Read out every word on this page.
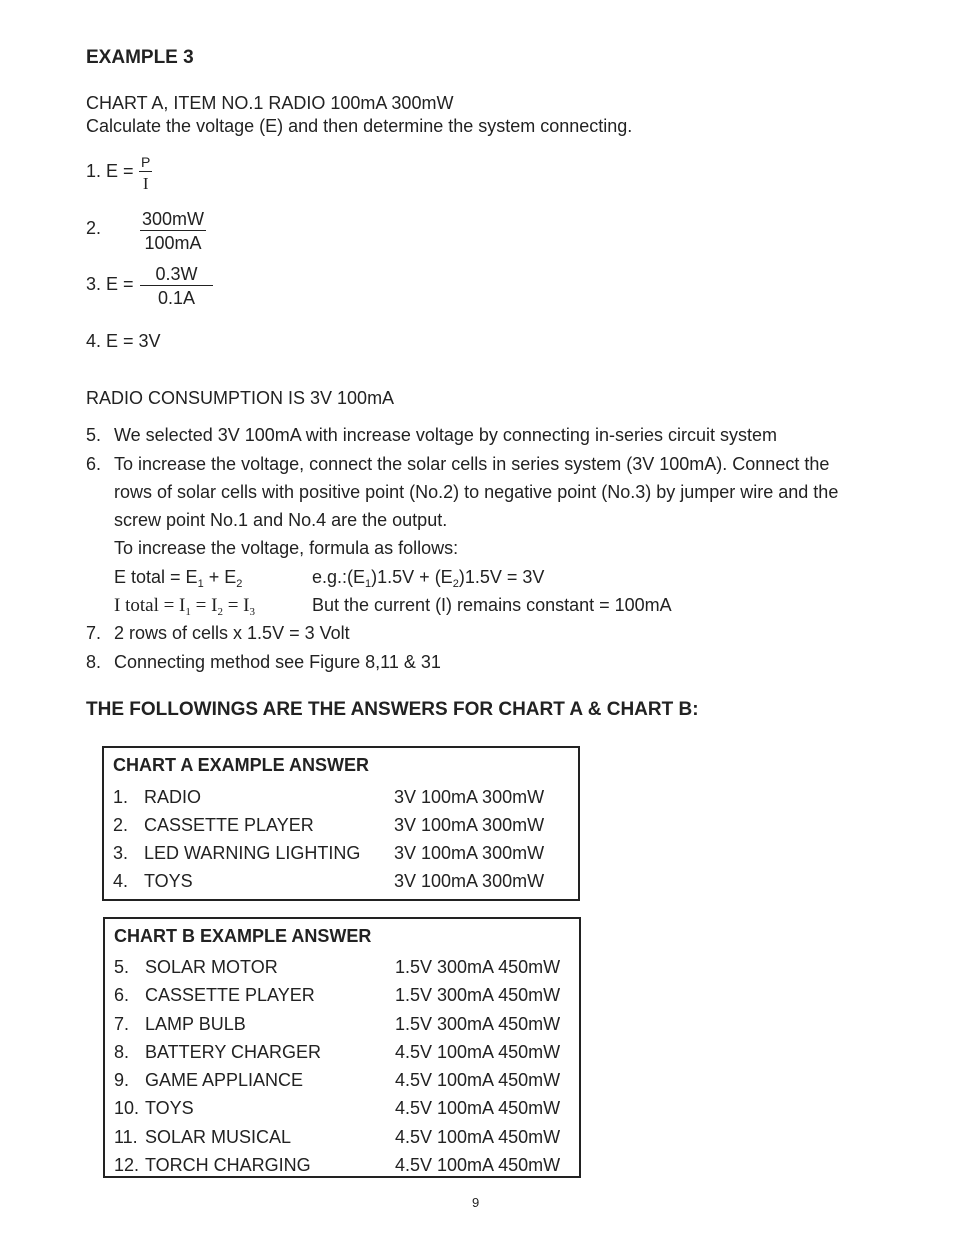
EXAMPLE 3
CHART A, ITEM NO.1 RADIO 100mA 300mW
Calculate the voltage (E) and then determine the system connecting.
1. E = P
I
2. $\frac{300mW}{100mA}$
3. $E = \frac{0.3W}{0.1A}$
4. E = 3V
RADIO CONSUMPTION IS 3V 100mA
5. We selected 3V 100mA with increase voltage by connecting in-series circuit system
6. To increase the voltage, connect the solar cells in series system (3V 100mA). Connect the
rows of solar cells with positive point (No.2) to negative point (No.3) by jumper wire and the
screw point No.1 and No.4 are the output.
To increase the voltage, formula as follows:
E total = $E_1 + E_2$	$e.g.:(E_1)1.5V + (E_2)1.5V = 3V$
I total = $I_1 = I_2 = I_3$	But the current (I) remains constant = 100mA
7. 2 rows of cells x 1.5V = 3 Volt
8. Connecting method see Figure 8,11 & 31
THE FOLLOWINGS ARE THE ANSWERS FOR CHART A & CHART B:
CHART A EXAMPLE ANSWER
1. RADIO	3V 100mA 300mW
2. CASSETTE PLAYER	3V 100mA 300mW
3. LED WARNING LIGHTING 3V 100mA 300mW
4. TOYS	3V 100mA 300mW
CHART B EXAMPLE ANSWER
5. SOLAR MOTOR	1.5V 300mA 450mW
6. CASSETTE PLAYER	1.5V 300mA 450mW
7. LAMP BULB	1.5V 300mA 450mW
8. BATTERY CHARGER	4.5V 100mA 450mW
9. GAME APPLIANCE	4.5V 100mA 450mW
10. TOYS	4.5V 100mA 450mW
11. SOLAR MUSICAL	4.5V 100mA 450mW
12. TORCH CHARGING	4.5V 100mA 450mW
9
